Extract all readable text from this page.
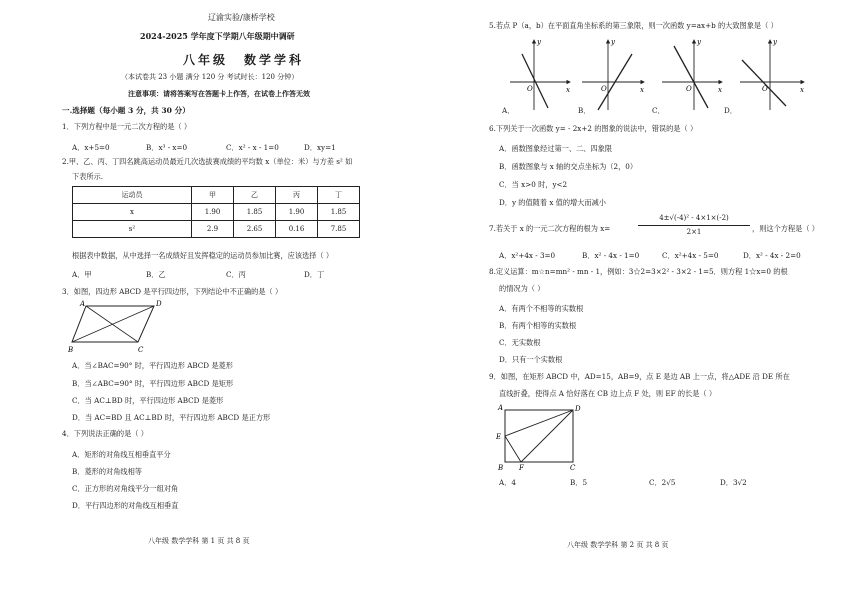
辽渝实验/康桥学校
2024-2025 学年度下学期八年级期中调研
八年级 数学学科
（本试卷共 23 小题 满分 120 分 考试时长：120 分钟）
注意事项：请将答案写在答题卡上作答，在试卷上作答无效
一.选择题（每小题 3 分，共 30 分）
1．下列方程中是一元二次方程的是（ ）
A．x+5=0	B．x³ - x=0	C．x² - x - 1=0	D．xy=1
2.甲、乙、丙、丁四名跳高运动员最近几次选拔赛成绩的平均数 x（单位：米）与方差 s² 如
下表所示.
运动员	甲	乙	丙	丁
x	1.90	1.85	1.90	1.85
s²	2.9	2.65	0.16	7.85
根据表中数据，从中选择一名成绩好且发挥稳定的运动员参加比赛，应该选择（ ）
A．甲	B．乙	C．丙	D．丁
3．如图，四边形 ABCD 是平行四边形，下列结论中不正确的是（ ）
A	D
B	C
A．当∠BAC=90° 时，平行四边形 ABCD 是菱形
B．当∠ABC=90° 时，平行四边形 ABCD 是矩形
C．当 AC⊥BD 时，平行四边形 ABCD 是菱形
D．当 AC=BD 且 AC⊥BD 时，平行四边形 ABCD 是正方形
4．下列说法正确的是（ ）
A．矩形的对角线互相垂直平分
B．菱形的对角线相等
C．正方形的对角线平分一组对角
D．平行四边形的对角线互相垂直
八年级 数学学科 第 1 页 共 8 页
5.若点 P（a，b）在平面直角坐标系的第三象限，则一次函数 y=ax+b 的大致图象是（ ）
y
x
O
y
x
O
y
x
O
y
x
O
A．	B．	C．	D．
6.下列关于一次函数 y= - 2x+2 的图象的说法中，错误的是（ ）
A．函数图象经过第一、二、四象限
B．函数图象与 x 轴的交点坐标为（2，0）
C．当 x>0 时，y<2
D．y 的值随着 x 值的增大而减小
7.若关于 x 的一元二次方程的根为 x=
4±√(-4)² - 4×1×(-2)
2×1	，则这个方程是（ ）
A．x²+4x - 3=0	B．x² - 4x - 1=0	C．x²+4x - 5=0	D．x² - 4x - 2=0
8.定义运算：m☆n=mn² - mn - 1，例如：3☆2=3×2² - 3×2 - 1=5．则方程 1☆x=0 的根
的情况为（ ）
A．有两个不相等的实数根
B．有两个相等的实数根
C．无实数根
D．只有一个实数根
9．如图，在矩形 ABCD 中，AD=15，AB=9，点 E 是边 AB 上一点，将△ADE 沿 DE 所在
直线折叠，使得点 A 恰好落在 CB 边上点 F 处，则 EF 的长是（ ）
A	D
E
B F	C
A．4	B．5	C．2√5	D．3√2
八年级 数学学科 第 2 页 共 8 页
